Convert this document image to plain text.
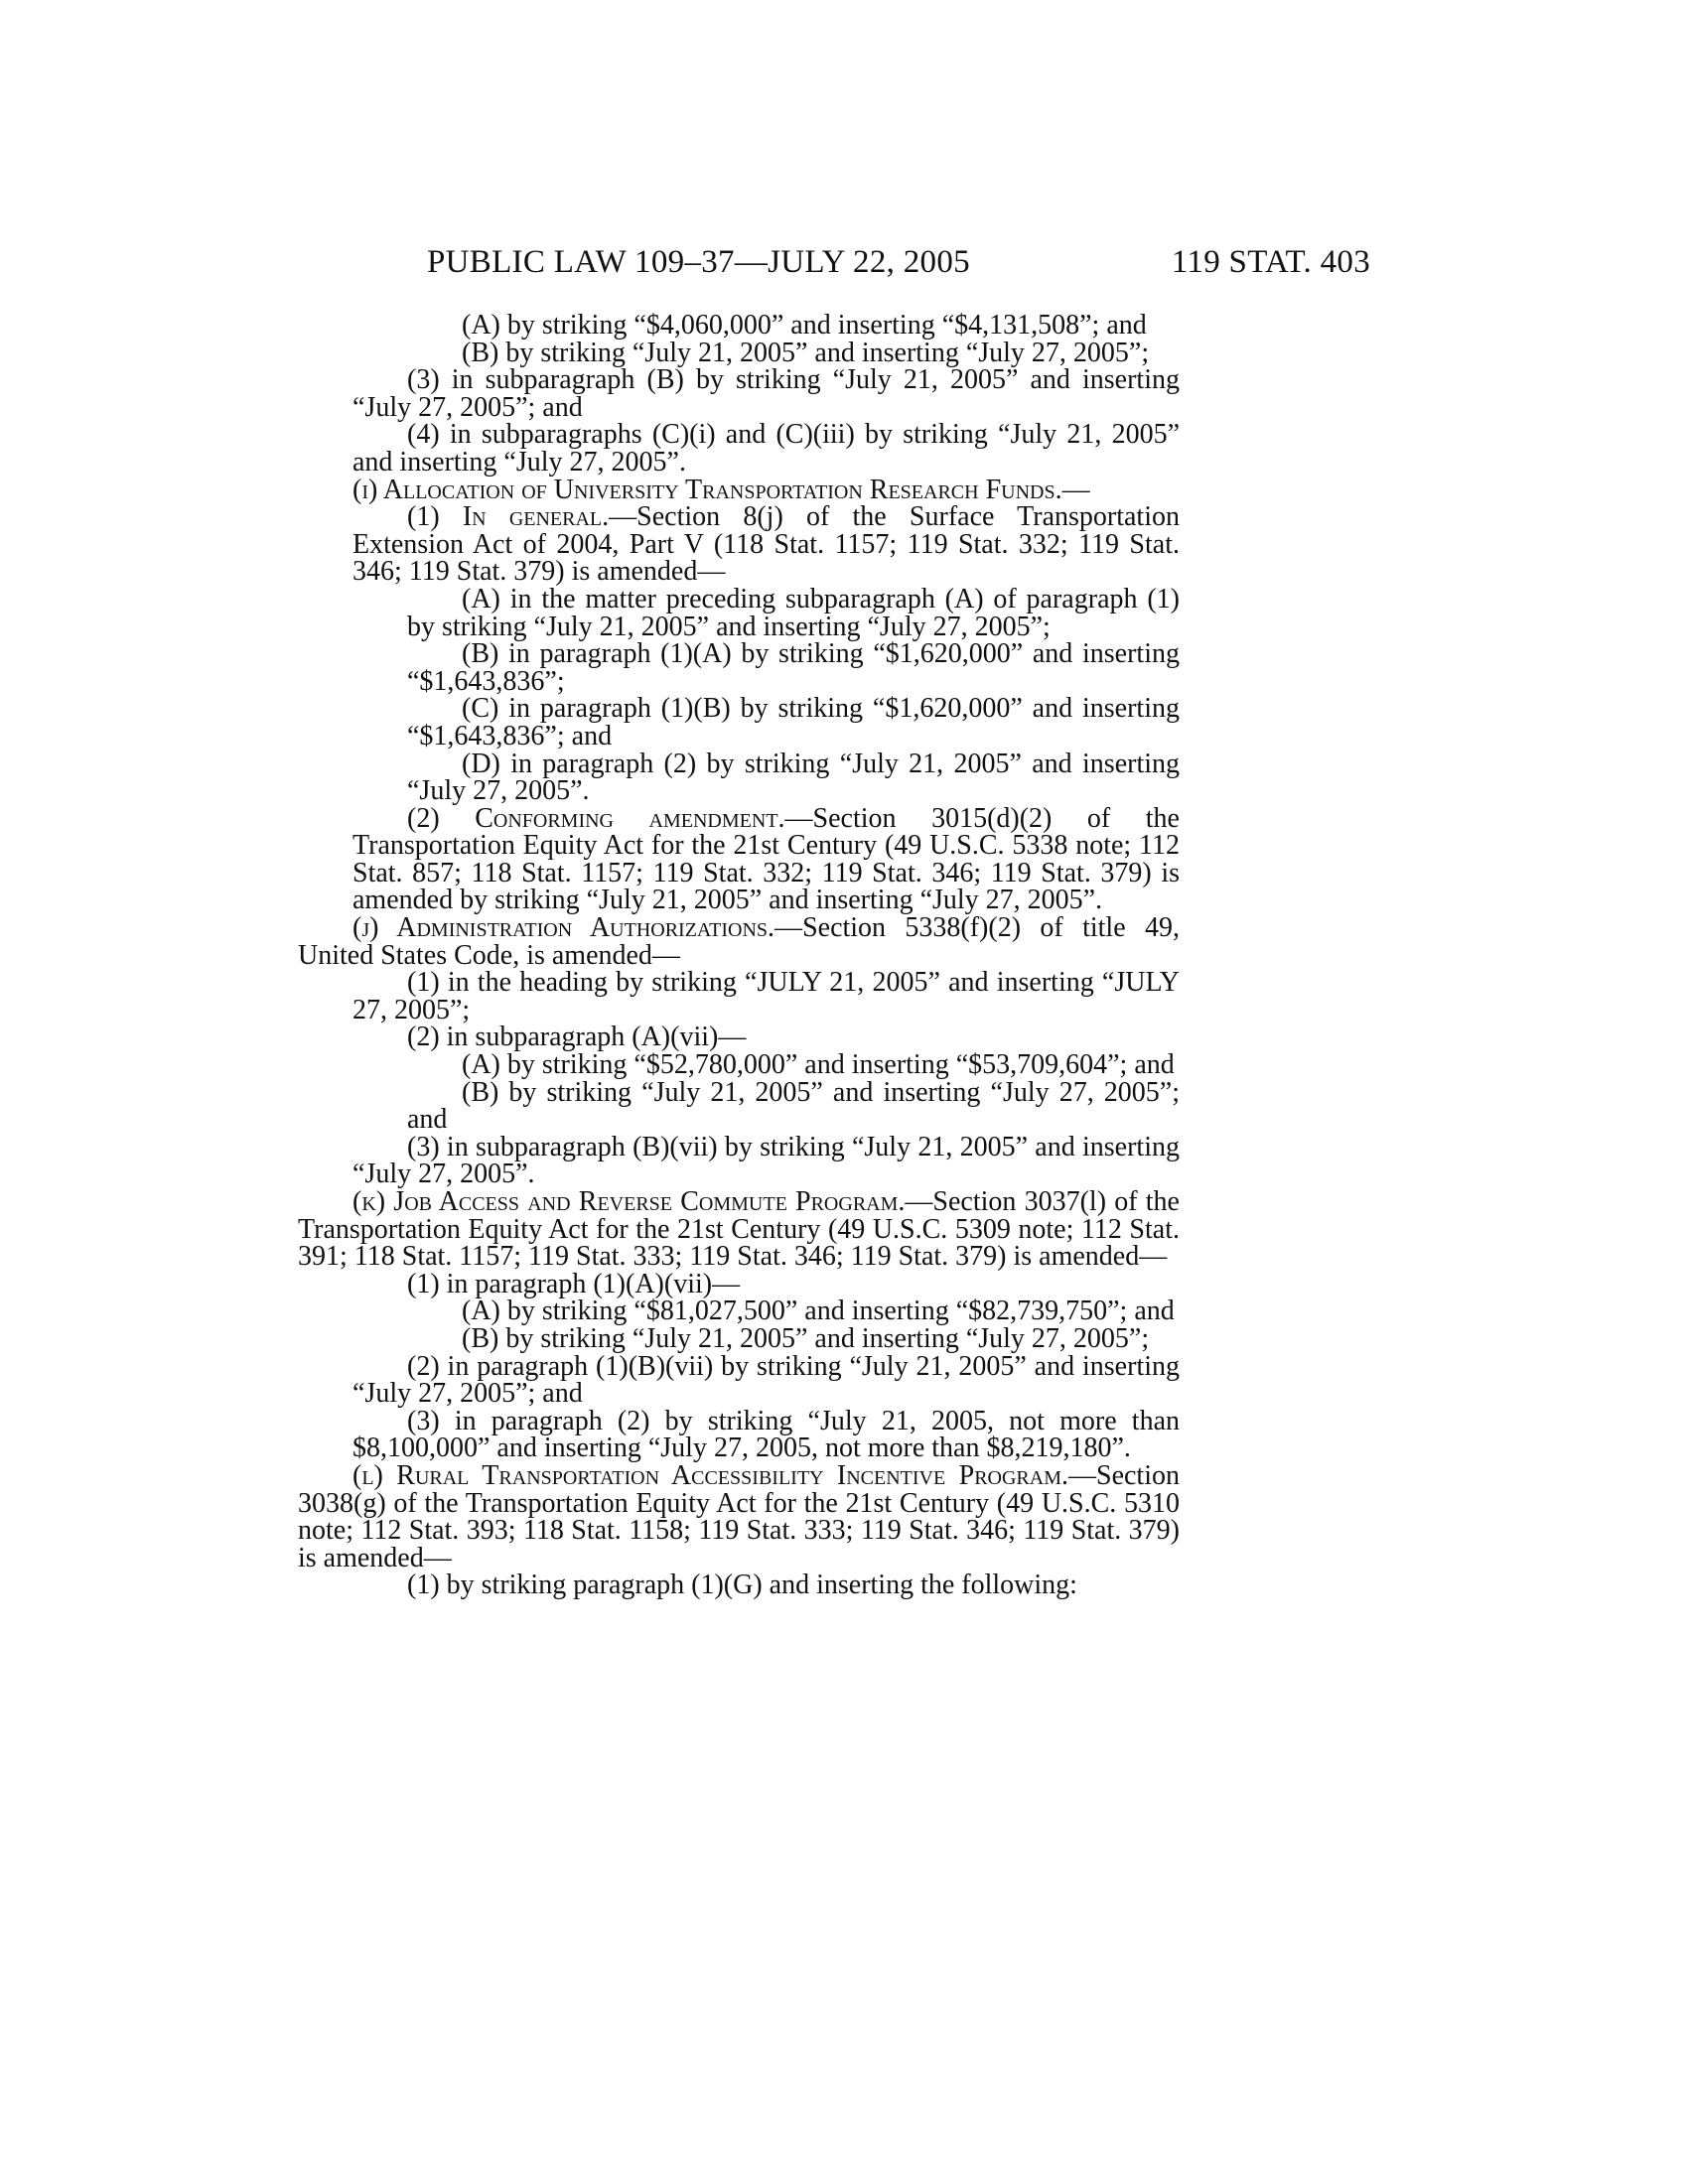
PUBLIC LAW 109–37—JULY 22, 2005	119 STAT. 403

(A) by striking “$4,060,000” and inserting “$4,131,508”; and

(B) by striking “July 21, 2005” and inserting “July 27, 2005”;

(3) in subparagraph (B) by striking “July 21, 2005” and inserting “July 27, 2005”; and

(4) in subparagraphs (C)(i) and (C)(iii) by striking “July 21, 2005” and inserting “July 27, 2005”.

(i) Allocation of University Transportation Research Funds.—

(1) In general.—Section 8(j) of the Surface Transportation Extension Act of 2004, Part V (118 Stat. 1157; 119 Stat. 332; 119 Stat. 346; 119 Stat. 379) is amended—

(A) in the matter preceding subparagraph (A) of paragraph (1) by striking “July 21, 2005” and inserting “July 27, 2005”;

(B) in paragraph (1)(A) by striking “$1,620,000” and inserting “$1,643,836”;

(C) in paragraph (1)(B) by striking “$1,620,000” and inserting “$1,643,836”; and

(D) in paragraph (2) by striking “July 21, 2005” and inserting “July 27, 2005”.

(2) Conforming amendment.—Section 3015(d)(2) of the Transportation Equity Act for the 21st Century (49 U.S.C. 5338 note; 112 Stat. 857; 118 Stat. 1157; 119 Stat. 332; 119 Stat. 346; 119 Stat. 379) is amended by striking “July 21, 2005” and inserting “July 27, 2005”.

(j) Administration Authorizations.—Section 5338(f)(2) of title 49, United States Code, is amended—

(1) in the heading by striking “JULY 21, 2005” and inserting “JULY 27, 2005”;

(2) in subparagraph (A)(vii)—

(A) by striking “$52,780,000” and inserting “$53,709,604”; and

(B) by striking “July 21, 2005” and inserting “July 27, 2005”; and

(3) in subparagraph (B)(vii) by striking “July 21, 2005” and inserting “July 27, 2005”.

(k) Job Access and Reverse Commute Program.—Section 3037(l) of the Transportation Equity Act for the 21st Century (49 U.S.C. 5309 note; 112 Stat. 391; 118 Stat. 1157; 119 Stat. 333; 119 Stat. 346; 119 Stat. 379) is amended—

(1) in paragraph (1)(A)(vii)—

(A) by striking “$81,027,500” and inserting “$82,739,750”; and

(B) by striking “July 21, 2005” and inserting “July 27, 2005”;

(2) in paragraph (1)(B)(vii) by striking “July 21, 2005” and inserting “July 27, 2005”; and

(3) in paragraph (2) by striking “July 21, 2005, not more than $8,100,000” and inserting “July 27, 2005, not more than $8,219,180”.

(l) Rural Transportation Accessibility Incentive Program.—Section 3038(g) of the Transportation Equity Act for the 21st Century (49 U.S.C. 5310 note; 112 Stat. 393; 118 Stat. 1158; 119 Stat. 333; 119 Stat. 346; 119 Stat. 379) is amended—

(1) by striking paragraph (1)(G) and inserting the following:
